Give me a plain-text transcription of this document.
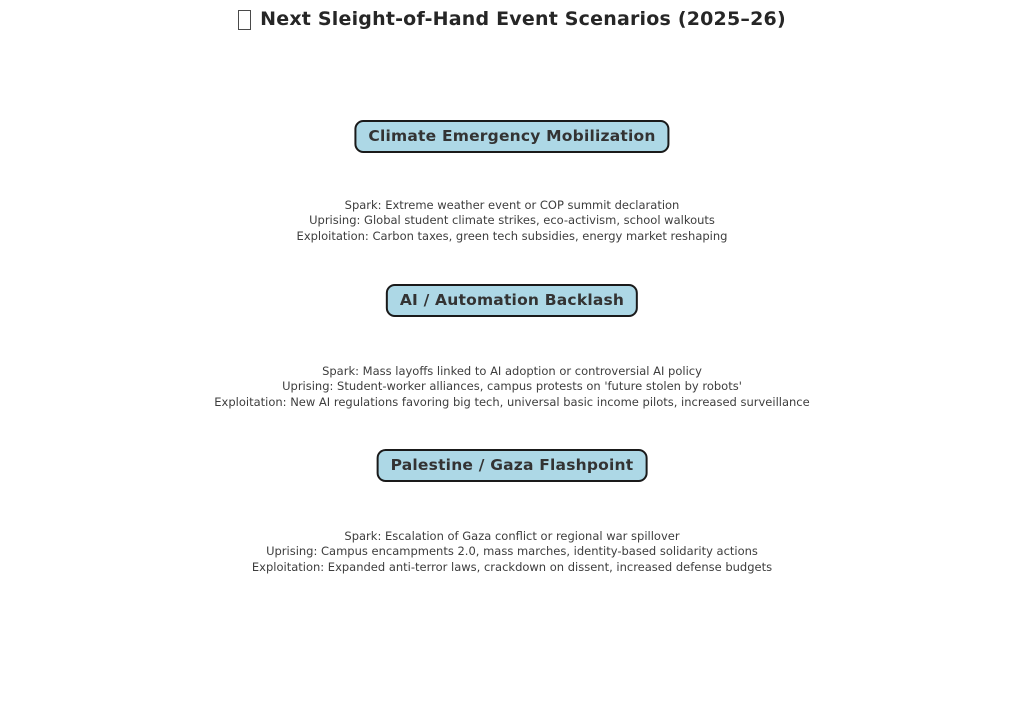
Next Sleight-of-Hand Event Scenarios (2025–26)
Climate Emergency Mobilization
Spark: Extreme weather event or COP summit declaration
Uprising: Global student climate strikes, eco-activism, school walkouts
Exploitation: Carbon taxes, green tech subsidies, energy market reshaping
AI / Automation Backlash
Spark: Mass layoffs linked to AI adoption or controversial AI policy
Uprising: Student-worker alliances, campus protests on 'future stolen by robots'
Exploitation: New AI regulations favoring big tech, universal basic income pilots, increased surveillance
Palestine / Gaza Flashpoint
Spark: Escalation of Gaza conflict or regional war spillover
Uprising: Campus encampments 2.0, mass marches, identity-based solidarity actions
Exploitation: Expanded anti-terror laws, crackdown on dissent, increased defense budgets
